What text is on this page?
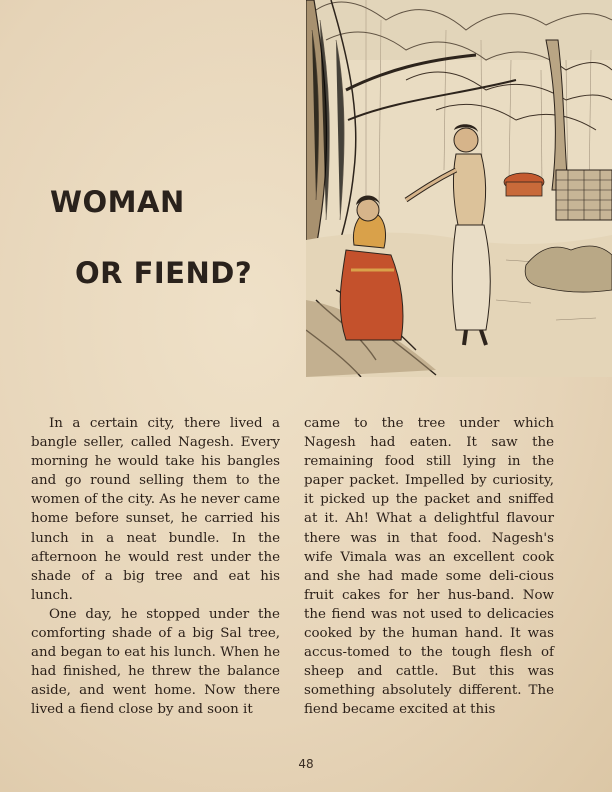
WOMAN
OR FIEND?

In a certain city, there lived a bangle seller, called Nagesh. Every morning he would take his bangles and go round selling them to the women of the city. As he never came home before sunset, he carried his lunch in a neat bundle. In the afternoon he would rest under the shade of a big tree and eat his lunch.

One day, he stopped under the comforting shade of a big Sal tree, and began to eat his lunch. When he had finished, he threw the balance aside, and went home. Now there lived a fiend close by and soon it

came to the tree under which Nagesh had eaten. It saw the remaining food still lying in the paper packet. Impelled by curiosity, it picked up the packet and sniffed at it. Ah! What a delightful flavour there was in that food. Nagesh's wife Vimala was an excellent cook and she had made some deli-cious fruit cakes for her hus-band. Now the fiend was not used to delicacies cooked by the human hand. It was accus-tomed to the tough flesh of sheep and cattle. But this was something absolutely different. The fiend became excited at this

48
